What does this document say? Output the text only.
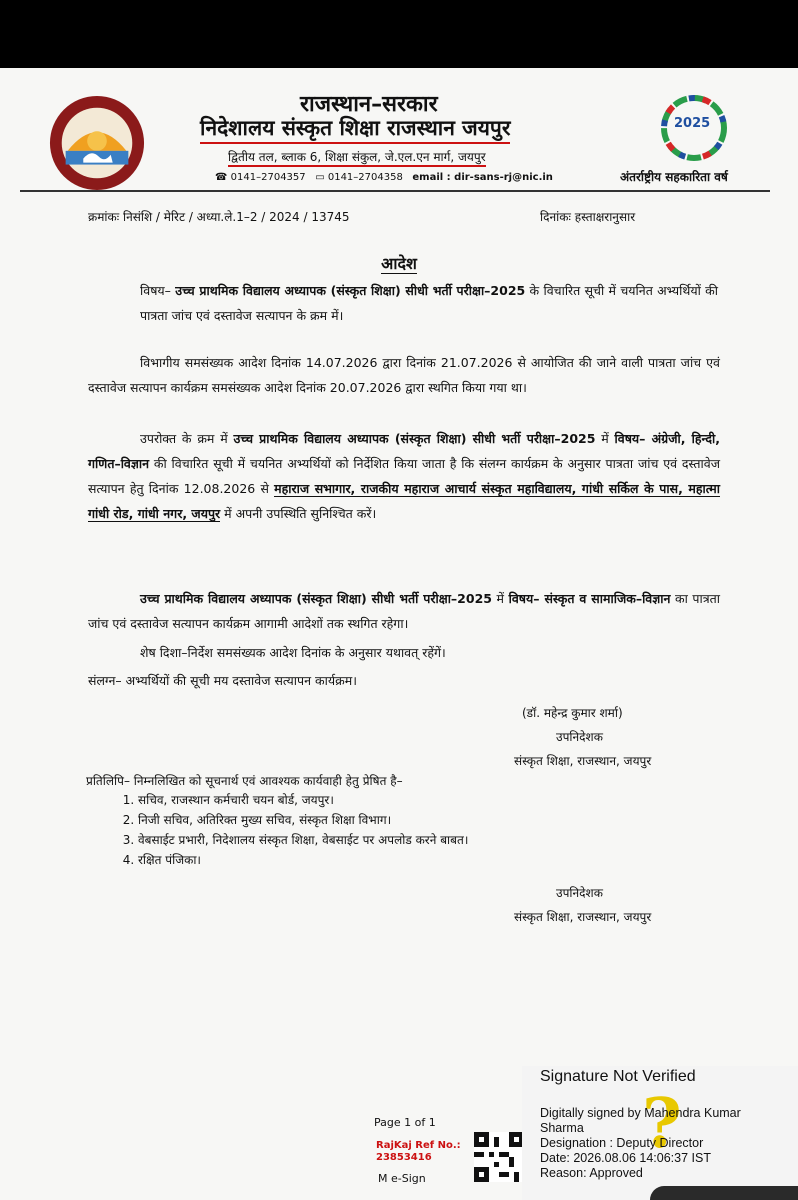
राजस्थान–सरकार
निदेशालय संस्कृत शिक्षा राजस्थान जयपुर
द्वितीय तल, ब्लाक 6, शिक्षा संकुल, जे.एल.एन मार्ग, जयपुर
☎ 0141–2704357 ▭ 0141–2704358 email : dir-sans-rj@nic.in
2025
अंतर्राष्ट्रीय सहकारिता वर्ष
क्रमांकः निसंशि / मेरिट / अध्या.ले.1–2 / 2024 / 13745	दिनांकः हस्ताक्षरानुसार
आदेश

विषय– उच्च प्राथमिक विद्यालय अध्यापक (संस्कृत शिक्षा) सीधी भर्ती परीक्षा–2025 के विचारित सूची में चयनित अभ्यर्थियों की पात्रता जांच एवं दस्तावेज सत्यापन के क्रम में।

विभागीय समसंख्यक आदेश दिनांक 14.07.2026 द्वारा दिनांक 21.07.2026 से आयोजित की जाने वाली पात्रता जांच एवं दस्तावेज सत्यापन कार्यक्रम समसंख्यक आदेश दिनांक 20.07.2026 द्वारा स्थगित किया गया था।

उपरोक्त के क्रम में उच्च प्राथमिक विद्यालय अध्यापक (संस्कृत शिक्षा) सीधी भर्ती परीक्षा–2025 में विषय– अंग्रेजी, हिन्दी, गणित–विज्ञान की विचारित सूची में चयनित अभ्यर्थियों को निर्देशित किया जाता है कि संलग्न कार्यक्रम के अनुसार पात्रता जांच एवं दस्तावेज सत्यापन हेतु दिनांक 12.08.2026 से महाराज सभागार, राजकीय महाराज आचार्य संस्कृत महाविद्यालय, गांधी सर्किल के पास, महात्मा गांधी रोड, गांधी नगर, जयपुर में अपनी उपस्थिति सुनिश्चित करें।

उच्च प्राथमिक विद्यालय अध्यापक (संस्कृत शिक्षा) सीधी भर्ती परीक्षा–2025 में विषय– संस्कृत व सामाजिक–विज्ञान का पात्रता जांच एवं दस्तावेज सत्यापन कार्यक्रम आगामी आदेशों तक स्थगित रहेगा।

शेष दिशा–निर्देश समसंख्यक आदेश दिनांक के अनुसार यथावत् रहेंगें।

संलग्न– अभ्यर्थियों की सूची मय दस्तावेज सत्यापन कार्यक्रम।

(डॉ. महेन्द्र कुमार शर्मा)
उपनिदेशक
संस्कृत शिक्षा, राजस्थान, जयपुर
प्रतिलिपि– निम्नलिखित को सूचनार्थ एवं आवश्यक कार्यवाही हेतु प्रेषित है–
1. सचिव, राजस्थान कर्मचारी चयन बोर्ड, जयपुर।
2. निजी सचिव, अतिरिक्त मुख्य सचिव, संस्कृत शिक्षा विभाग।
3. वेबसाईट प्रभारी, निदेशालय संस्कृत शिक्षा, वेबसाईट पर अपलोड करने बाबत।
4. रक्षित पंजिका।
उपनिदेशक
संस्कृत शिक्षा, राजस्थान, जयपुर
Page 1 of 1
RajKaj Ref No.:
23853416
M e-Sign
?
Signature Not Verified
Digitally signed by Mahendra Kumar
Sharma
Designation : Deputy Director
Date: 2026.08.06 14:06:37 IST
Reason: Approved
